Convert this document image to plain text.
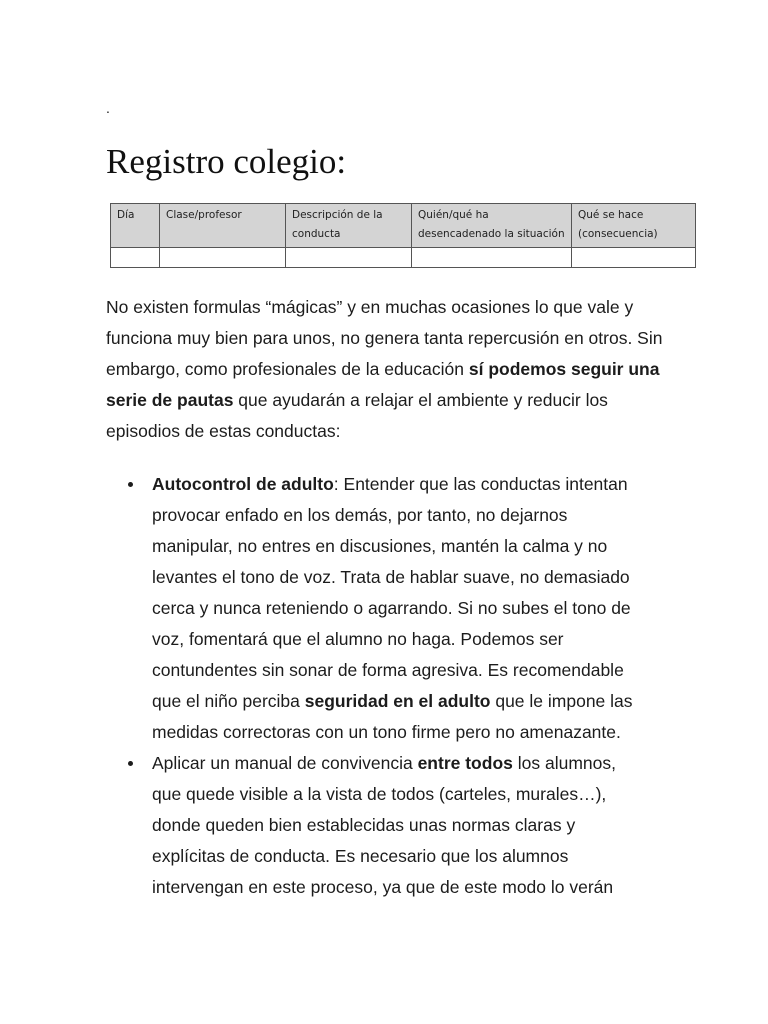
.
Registro colegio:
Día	Clase/profesor	Descripción de la conducta	Quién/qué ha desencadenado la situación	Qué se hace (consecuencia)

No existen formulas “mágicas” y en muchas ocasiones lo que vale y funciona muy bien para unos, no genera tanta repercusión en otros. Sin embargo, como profesionales de la educación sí podemos seguir una serie de pautas que ayudarán a relajar el ambiente y reducir los episodios de estas conductas:

Autocontrol de adulto: Entender que las conductas intentan provocar enfado en los demás, por tanto, no dejarnos manipular, no entres en discusiones, mantén la calma y no levantes el tono de voz. Trata de hablar suave, no demasiado cerca y nunca reteniendo o agarrando. Si no subes el tono de voz, fomentará que el alumno no haga. Podemos ser contundentes sin sonar de forma agresiva. Es recomendable que el niño perciba seguridad en el adulto que le impone las medidas correctoras con un tono firme pero no amenazante.
Aplicar un manual de convivencia entre todos los alumnos, que quede visible a la vista de todos (carteles, murales…), donde queden bien establecidas unas normas claras y explícitas de conducta. Es necesario que los alumnos intervengan en este proceso, ya que de este modo lo verán
